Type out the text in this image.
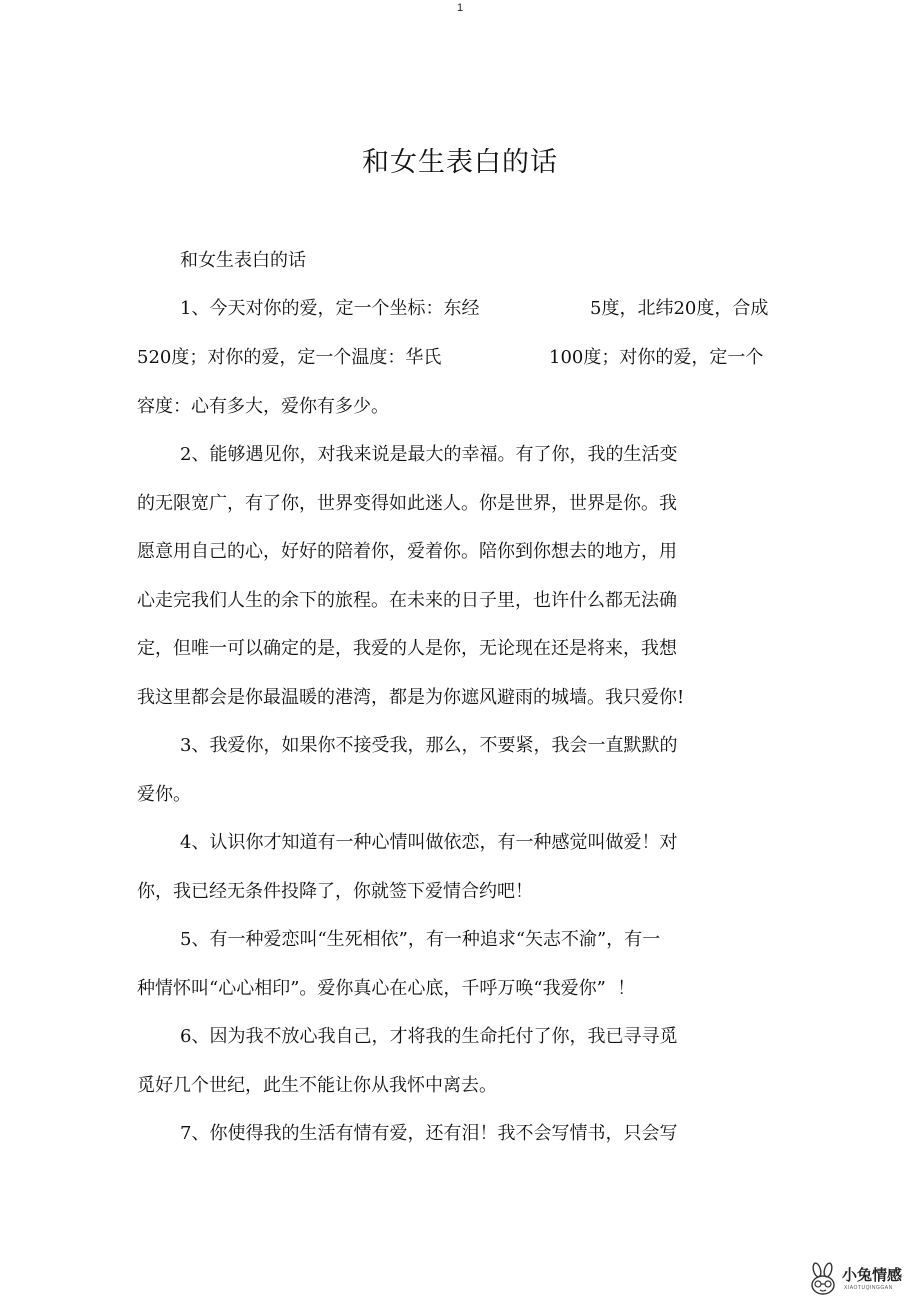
1
和女生表白的话
和女生表白的话
1、今天对你的爱，定一个坐标：东经	5度，北纬20度，合成
520度；对你的爱，定一个温度：华氏	100度；对你的爱，定一个
容度：心有多大，爱你有多少。
2、能够遇见你，对我来说是最大的幸福。有了你，我的生活变
的无限宽广，有了你，世界变得如此迷人。你是世界，世界是你。我
愿意用自己的心，好好的陪着你，爱着你。陪你到你想去的地方，用
心走完我们人生的余下的旅程。在未来的日子里，也许什么都无法确
定，但唯一可以确定的是，我爱的人是你，无论现在还是将来，我想
我这里都会是你最温暖的港湾，都是为你遮风避雨的城墙。我只爱你!
3、我爱你，如果你不接受我，那么，不要紧，我会一直默默的
爱你。
4、认识你才知道有一种心情叫做依恋，有一种感觉叫做爱！对
你，我已经无条件投降了，你就签下爱情合约吧！
5、有一种爱恋叫“生死相依”，有一种追求“矢志不渝”，有一
种情怀叫“心心相印”。爱你真心在心底，千呼万唤“我爱你”  ！
6、因为我不放心我自己，才将我的生命托付了你，我已寻寻觅
觅好几个世纪，此生不能让你从我怀中离去。
7、你使得我的生活有情有爱，还有泪！我不会写情书，只会写
小兔情感
XIAOTUQINGGAN
